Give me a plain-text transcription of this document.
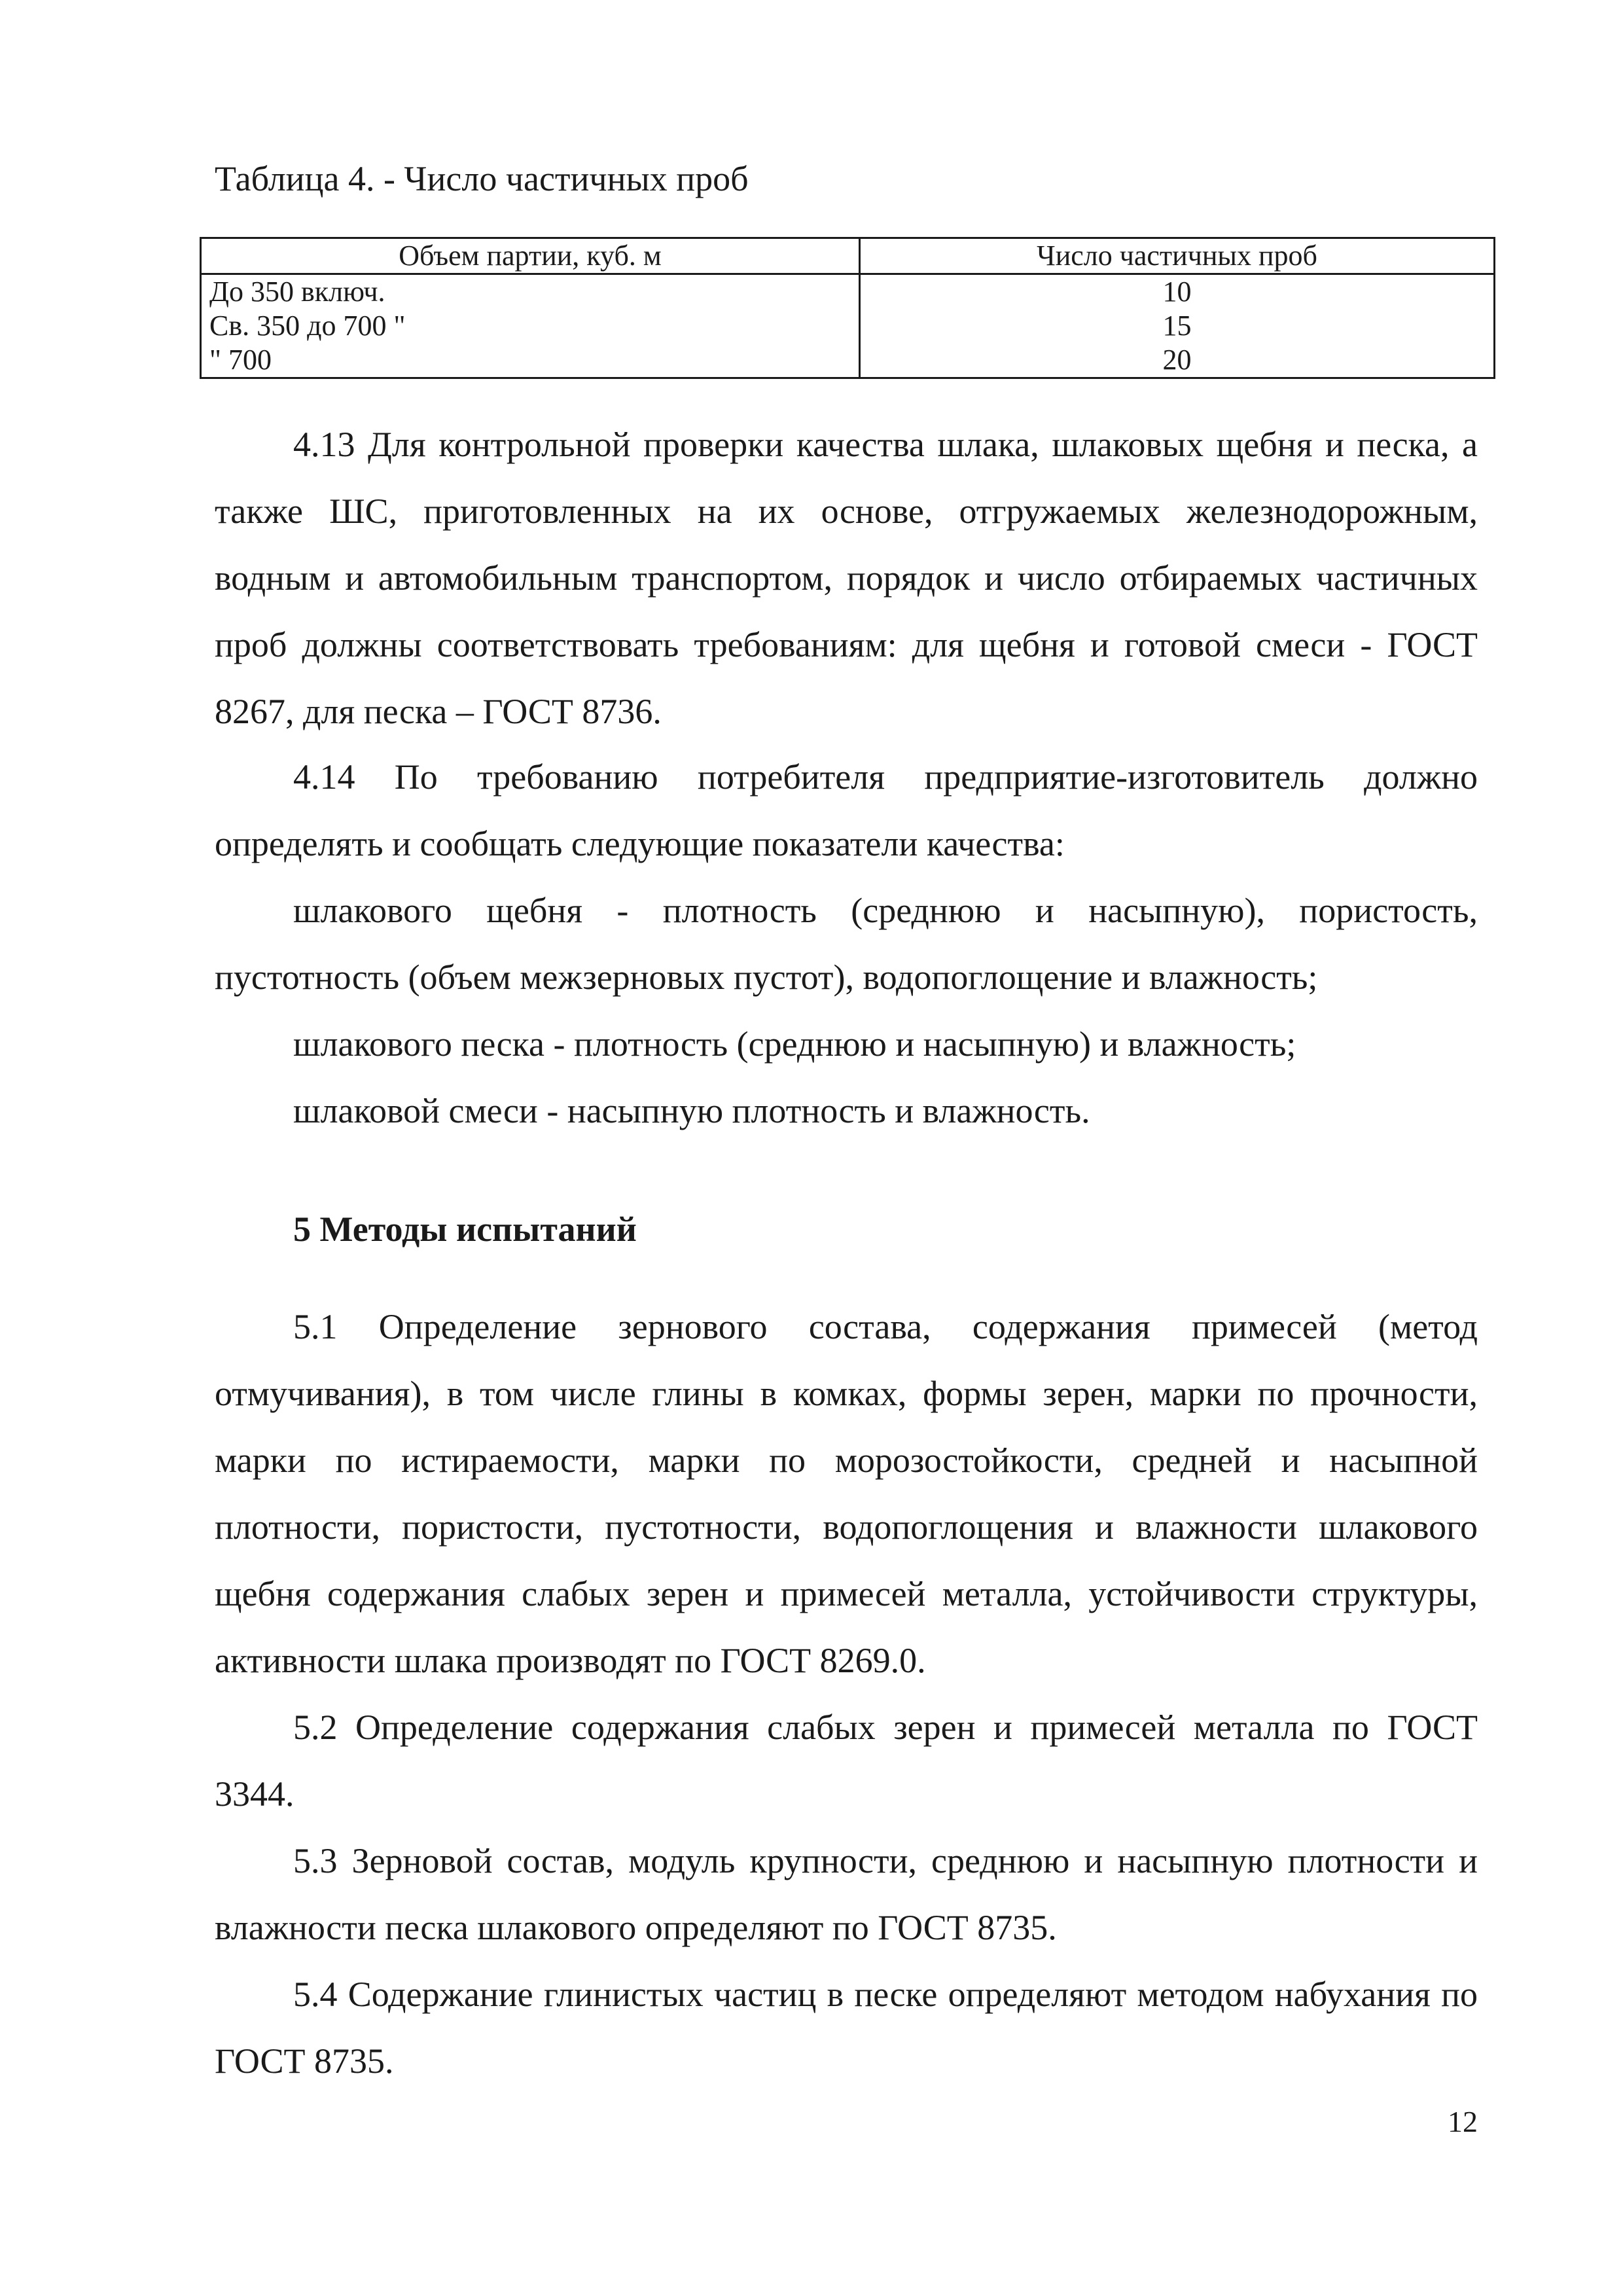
Таблица 4. - Число частичных проб
Объем партии, куб. м	Число частичных проб
До 350 включ.	10
Св. 350 до 700 "	15
" 700	20

4.13 Для контрольной проверки качества шлака, шлаковых щебня и песка, а также ШС, приготовленных на их основе, отгружаемых железнодорожным, водным и автомобильным транспортом, порядок и число отбираемых частичных проб должны соответствовать требованиям: для щебня и готовой смеси - ГОСТ 8267, для песка – ГОСТ 8736.

4.14 По требованию потребителя предприятие-изготовитель должно определять и сообщать следующие показатели качества:

шлакового щебня - плотность (среднюю и насыпную), пористость, пустотность (объем межзерновых пустот), водопоглощение и влажность;

шлакового песка - плотность (среднюю и насыпную) и влажность;

шлаковой смеси - насыпную плотность и влажность.

5 Методы испытаний

5.1 Определение зернового состава, содержания примесей (метод отмучивания), в том числе глины в комках, формы зерен, марки по прочности, марки по истираемости, марки по морозостойкости, средней и насыпной плотности, пористости, пустотности, водопоглощения и влажности шлакового щебня содержания слабых зерен и примесей металла, устойчивости структуры, активности шлака производят по ГОСТ 8269.0.

5.2 Определение содержания слабых зерен и примесей металла по ГОСТ 3344.

5.3 Зерновой состав, модуль крупности, среднюю и насыпную плотности и влажности песка шлакового определяют по ГОСТ 8735.

5.4 Содержание глинистых частиц в песке определяют методом набухания по ГОСТ 8735.

12
